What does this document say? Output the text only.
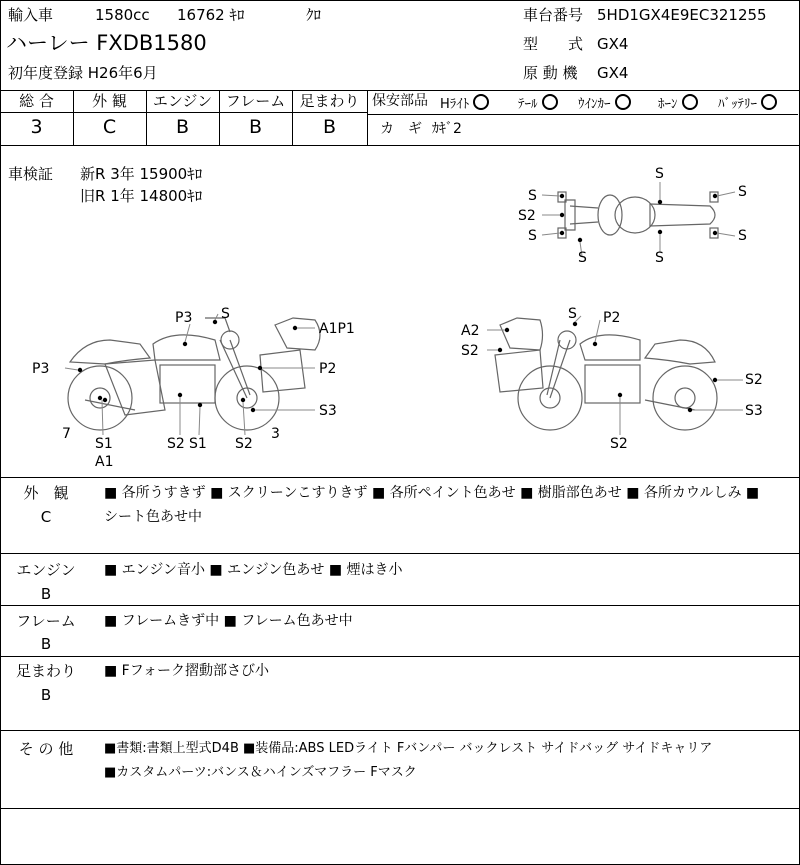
輸入車	1580cc 16762 ｷﾛ	ｸﾛ
ハーレー FXDB1580
初年度登録 H26年6月
車台番号 5HD1GX4E9EC321255
型　　式 GX4
原 動 機 GX4
総 合	外 観	エンジン フレーム 足まわり
3	C	B	B	B
保安部品 Hﾗｲﾄ	ﾃｰﾙ	ｳｲﾝｶｰ	ﾎｰﾝ	ﾊﾞｯﾃﾘｰ
カ　ギ ｶｷﾞ2
車検証 新R 3年 15900ｷﾛ
旧R 1年 14800ｷﾛ	S
S2
S
S
S
S
S
S
P3 S
A1P1
P3	P2
S3
7
S1
A1
S2 S1 S2
3
S P2
A2
S2
S2
S3
S2
外　観
C
■ 各所うすきず ■ スクリーンこすりきず ■ 各所ペイント色あせ ■ 樹脂部色あせ ■ 各所カウルしみ ■
シート色あせ中
エンジン
B
■ エンジン音小 ■ エンジン色あせ ■ 煙はき小
フレーム
B
■ フレームきず中 ■ フレーム色あせ中
足まわり
B
■ Fフォーク摺動部さび小
そ の 他	■書類:書類上型式D4B ■装備品:ABS LEDライト Fバンパー バックレスト サイドバッグ サイドキャリア
■カスタムパーツ:バンス＆ハインズマフラー Fマスク
